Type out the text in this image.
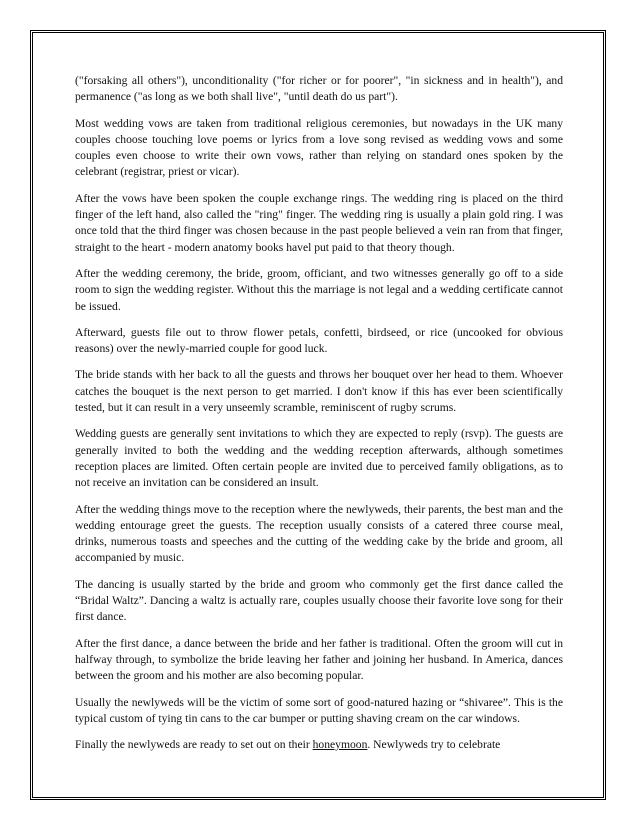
("forsaking all others"), unconditionality ("for richer or for poorer", "in sickness and in health"), and permanence ("as long as we both shall live", "until death do us part").

Most wedding vows are taken from traditional religious ceremonies, but nowadays in the UK many couples choose touching love poems or lyrics from a love song revised as wedding vows and some couples even choose to write their own vows, rather than relying on standard ones spoken by the celebrant (registrar, priest or vicar).

After the vows have been spoken the couple exchange rings. The wedding ring is placed on the third finger of the left hand, also called the "ring" finger. The wedding ring is usually a plain gold ring. I was once told that the third finger was chosen because in the past people believed a vein ran from that finger, straight to the heart - modern anatomy books havel put paid to that theory though.

After the wedding ceremony, the bride, groom, officiant, and two witnesses generally go off to a side room to sign the wedding register. Without this the marriage is not legal and a wedding certificate cannot be issued.

Afterward, guests file out to throw flower petals, confetti, birdseed, or rice (uncooked for obvious reasons) over the newly-married couple for good luck.

The bride stands with her back to all the guests and throws her bouquet over her head to them. Whoever catches the bouquet is the next person to get married. I don't know if this has ever been scientifically tested, but it can result in a very unseemly scramble, reminiscent of rugby scrums.

Wedding guests are generally sent invitations to which they are expected to reply (rsvp). The guests are generally invited to both the wedding and the wedding reception afterwards, although sometimes reception places are limited. Often certain people are invited due to perceived family obligations, as to not receive an invitation can be considered an insult.

After the wedding things move to the reception where the newlyweds, their parents, the best man and the wedding entourage greet the guests. The reception usually consists of a catered three course meal, drinks, numerous toasts and speeches and the cutting of the wedding cake by the bride and groom, all accompanied by music.

The dancing is usually started by the bride and groom who commonly get the first dance called the “Bridal Waltz”. Dancing a waltz is actually rare, couples usually choose their favorite love song for their first dance.

After the first dance, a dance between the bride and her father is traditional. Often the groom will cut in halfway through, to symbolize the bride leaving her father and joining her husband. In America, dances between the groom and his mother are also becoming popular.

Usually the newlyweds will be the victim of some sort of good-natured hazing or “shivaree”. This is the typical custom of tying tin cans to the car bumper or putting shaving cream on the car windows.

Finally the newlyweds are ready to set out on their honeymoon. Newlyweds try to celebrate
